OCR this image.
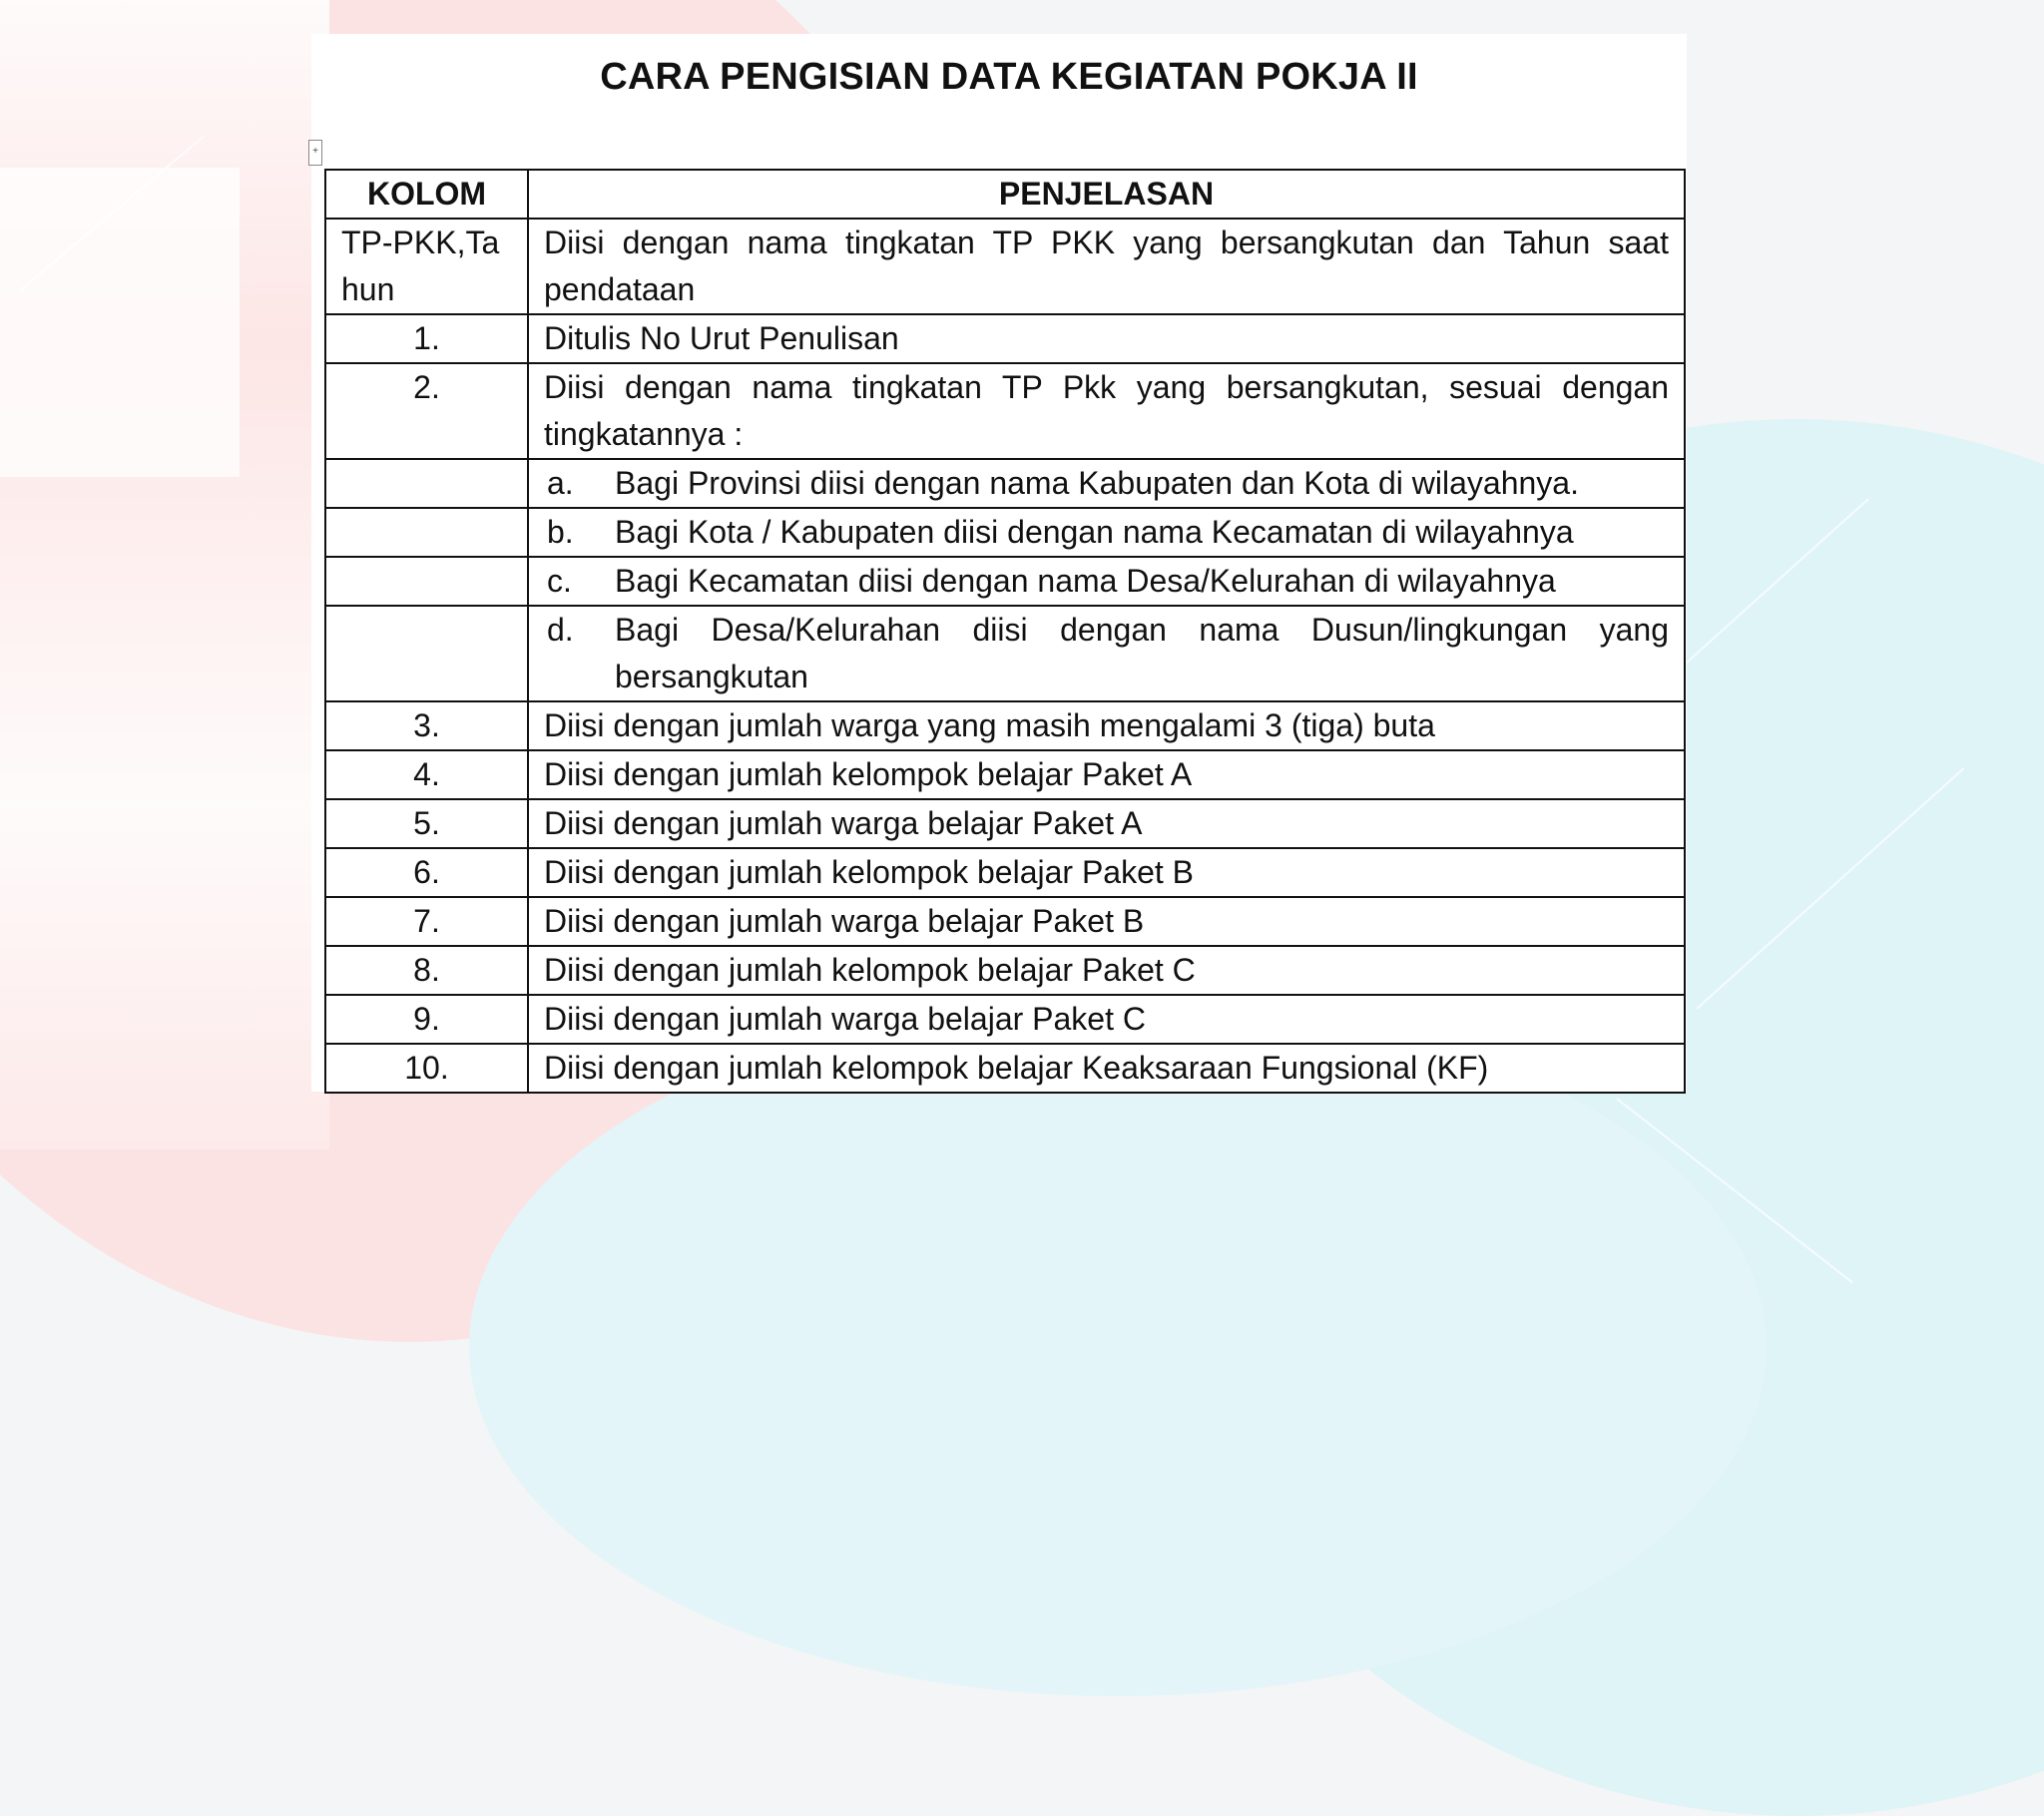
CARA PENGISIAN DATA KEGIATAN POKJA II
+
KOLOM	PENJELASAN
TP-PKK,Tahun	Diisi dengan nama tingkatan TP PKK yang bersangkutan dan Tahun saat pendataan
1.	Ditulis No Urut Penulisan
2.	Diisi dengan nama tingkatan TP Pkk yang bersangkutan, sesuai dengan tingkatannya :

	a. Bagi Provinsi diisi dengan nama Kabupaten dan Kota di wilayahnya.

	b. Bagi Kota / Kabupaten diisi dengan nama Kecamatan di wilayahnya

	c. Bagi Kecamatan diisi dengan nama Desa/Kelurahan di wilayahnya

	d. Bagi Desa/Kelurahan diisi dengan nama Dusun/lingkungan yang bersangkutan

3.	Diisi dengan jumlah warga yang masih mengalami 3 (tiga) buta
4.	Diisi dengan jumlah kelompok belajar Paket A
5.	Diisi dengan jumlah warga belajar Paket A
6.	Diisi dengan jumlah kelompok belajar Paket B
7.	Diisi dengan jumlah warga belajar Paket B
8.	Diisi dengan jumlah kelompok belajar Paket C
9.	Diisi dengan jumlah warga belajar Paket C
10.	Diisi dengan jumlah kelompok belajar Keaksaraan Fungsional (KF)
